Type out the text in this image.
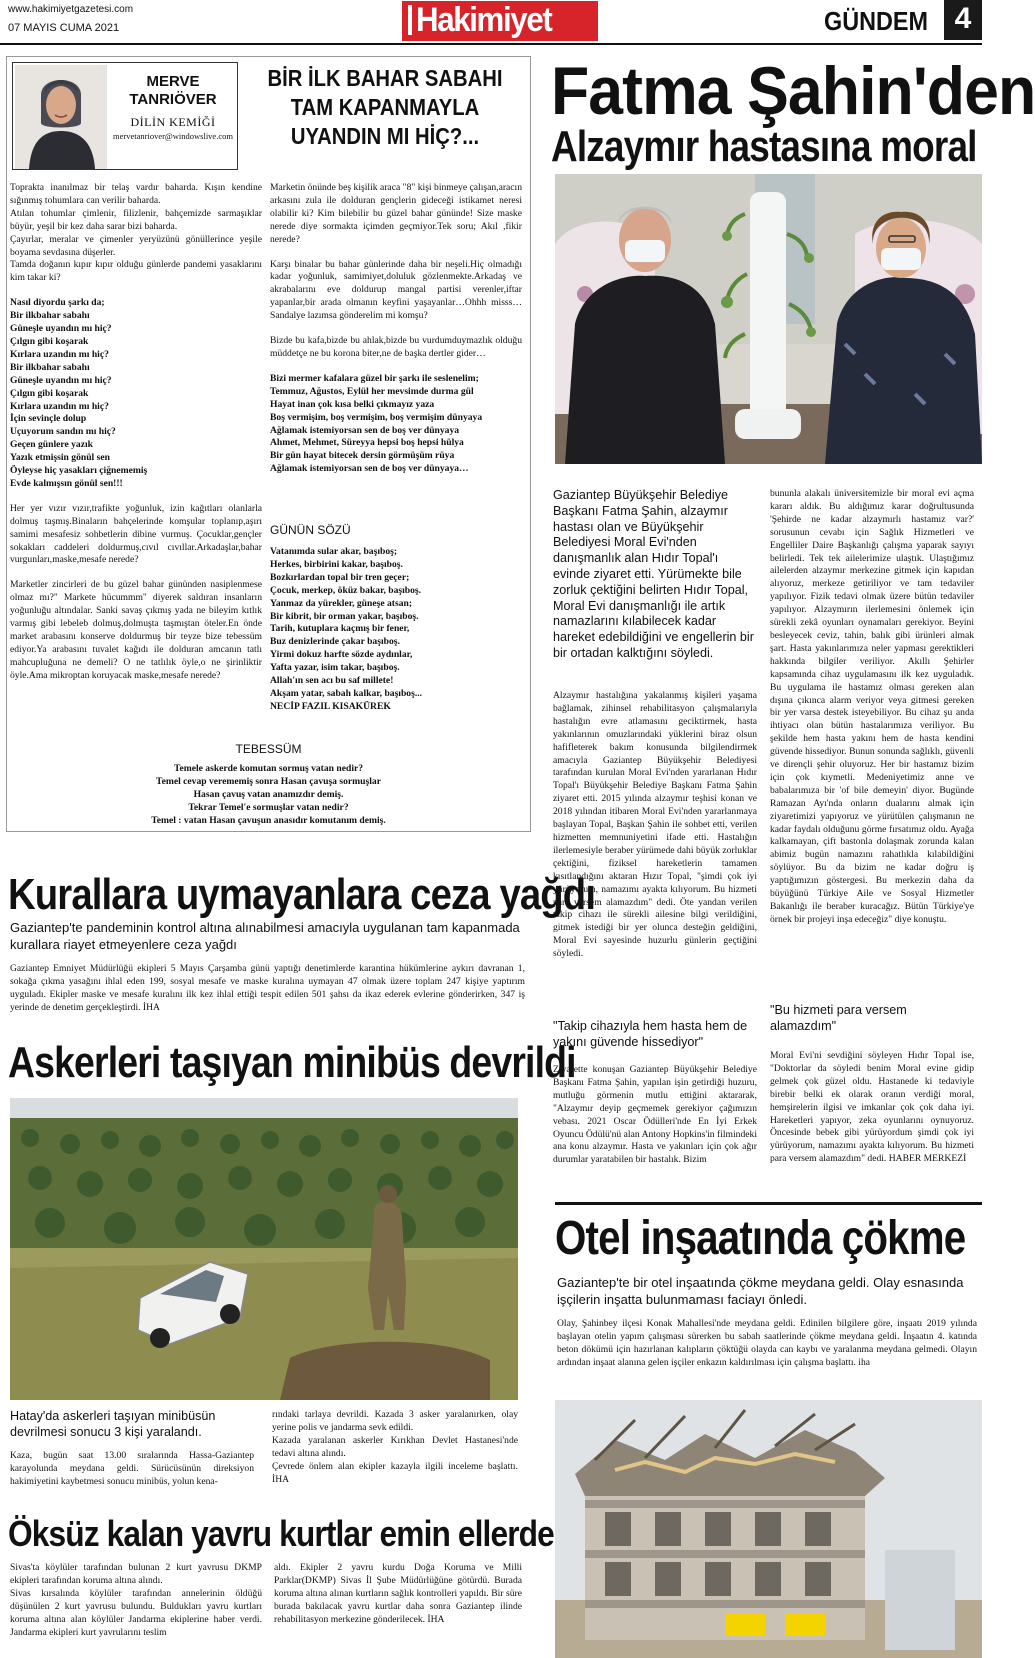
www.hakimiyetgazetesi.com
07 MAYIS CUMA 2021	Hakimiyet	GÜNDEM 4
MERVE
TANRIÖVER
DİLİN KEMİĞİ
mervetanriover@windowslive.com
BİR İLK BAHAR SABAHI
TAM KAPANMAYLA
UYANDIN MI HİÇ?...

Toprakta inanılmaz bir telaş vardır baharda. Kışın kendine sığınmış tohumlara can verilir baharda.
Atılan tohumlar çimlenir, filizlenir, bahçemizde sarmaşıklar büyür, yeşil bir kez daha sarar bizi baharda.
Çayırlar, meralar ve çimenler yeryüzünü gönüllerince yeşile boyama sevdasına düşerler.
Tamda doğanın kıpır kıpır olduğu günlerde pandemi yasaklarını kim takar ki?

Nasıl diyordu şarkı da;
Bir ilkbahar sabahı
Güneşle uyandın mı hiç?
Çılgın gibi koşarak
Kırlara uzandın mı hiç?
Bir ilkbahar sabahı
Güneşle uyandın mı hiç?
Çılgın gibi koşarak
Kırlara uzandın mı hiç?
İçin sevinçle dolup
Uçuyorum sandın mı hiç?
Geçen günlere yazık
Yazık etmişsin gönül sen
Öyleyse hiç yasakları çiğnememiş
Evde kalmışsın gönül sen!!!

Her yer vızır vızır,trafikte yoğunluk, izin kağıtları olanlarla dolmuş taşmış.Binaların bahçelerinde komşular toplanıp,aşırı samimi mesafesiz sohbetlerin dibine vurmuş. Çocuklar,gençler sokakları caddeleri doldurmuş,cıvıl cıvıllar.Arkadaşlar,bahar vurgunları,maske,mesafe nerede?

Marketler zincirleri de bu güzel bahar gününden nasiplenmese olmaz mı?" Markete hücummm" diyerek saldıran insanların yoğunluğu altındalar. Sanki savaş çıkmış yada ne bileyim kıtlık varmış gibi lebeleb dolmuş,dolmuşta taşmıştan öteler.En önde market arabasını konserve doldurmuş bir teyze bize tebessüm ediyor.Ya arabasını tuvalet kağıdı ile dolduran amcanın tatlı mahcupluğuna ne demeli? O ne tatlılık öyle,o ne şirinliktir öyle.Ama mikroptan koruyacak maske,mesafe nerede?

Marketin önünde beş kişilik araca "8" kişi binmeye çalışan,aracın arkasını zula ile dolduran gençlerin gideceği istikamet neresi olabilir ki? Kim bilebilir bu güzel bahar gününde! Size maske nerede diye sormakta içimden geçmiyor.Tek soru; Akıl ,fikir nerede?

Karşı binalar bu bahar günlerinde daha bir neşeli.Hiç olmadığı kadar yoğunluk, samimiyet,doluluk gözlenmekte.Arkadaş ve akrabalarını eve doldurup mangal partisi verenler,iftar yapanlar,bir arada olmanın keyfini yaşayanlar…Ohhh misss…Sandalye lazımsa gönderelim mi komşu?

Bizde bu kafa,bizde bu ahlak,bizde bu vurdumduymazlık olduğu müddetçe ne bu korona biter,ne de başka dertler gider…

Bizi mermer kafalara güzel bir şarkı ile seslenelim;
Temmuz, Ağustos, Eylül her mevsimde durma gül
Hayat inan çok kısa belki çıkmayız yaza
Boş vermişim, boş vermişim, boş vermişim dünyaya
Ağlamak istemiyorsan sen de boş ver dünyaya
Ahmet, Mehmet, Süreyya hepsi boş hepsi hülya
Bir gün hayat bitecek dersin görmüşüm rüya
Ağlamak istemiyorsan sen de boş ver dünyaya…

GÜNÜN SÖZÜ
Vatanımda sular akar, başıboş;
Herkes, birbirini kakar, başıboş.
Bozkırlardan topal bir tren geçer;
Çocuk, merkep, öküz bakar, başıboş.
Yanmaz da yürekler, güneşe atsan;
Bir kibrit, bir orman yakar, başıboş.
Tarih, kutuplara kaçmış bir fener,
Buz denizlerinde çakar başıboş.
Yirmi dokuz harfte sözde aydınlar,
Yafta yazar, isim takar, başıboş.
Allah'ın sen acı bu saf millete!
Akşam yatar, sabah kalkar, başıboş...
NECİP FAZIL KISAKÜREK
TEBESSÜM
Temele askerde komutan sormuş vatan nedir?
Temel cevap verememiş sonra Hasan çavuşa sormuşlar
Hasan çavuş vatan anamızdır demiş.
Tekrar Temel'e sormuşlar vatan nedir?
Temel : vatan Hasan çavuşun anasıdır komutanım demiş.
Fatma Şahin'den
Alzaymır hastasına moral
Gaziantep Büyükşehir Belediye Başkanı Fatma Şahin, alzaymır hastası olan ve Büyükşehir Belediyesi Moral Evi'nden danışmanlık alan Hıdır Topal'ı evinde ziyaret etti. Yürümekte bile zorluk çektiğini belirten Hıdır Topal, Moral Evi danışmanlığı ile artık namazlarını kılabilecek kadar hareket edebildiğini ve engellerin bir bir ortadan kalktığını söyledi.
Alzaymır hastalığına yakalanmış kişileri yaşama bağlamak, zihinsel rehabilitasyon çalışmalarıyla hastalığın evre atlamasını geciktirmek, hasta yakınlarının omuzlarındaki yüklerini biraz olsun hafifleterek bakım konusunda bilgilendirmek amacıyla Gaziantep Büyükşehir Belediyesi tarafından kurulan Moral Evi'nden yararlanan Hıdır Topal'ı Büyükşehir Belediye Başkanı Fatma Şahin ziyaret etti. 2015 yılında alzaymır teşhisi konan ve 2018 yılından itibaren Moral Evi'nden yararlanmaya başlayan Topal, Başkan Şahin ile sohbet etti, verilen hizmetten memnuniyetini ifade etti. Hastalığın ilerlemesiyle beraber yürümede dahi büyük zorluklar çektiğini, fiziksel hareketlerin tamamen kısıtlandığını aktaran Hızır Topal, "şimdi çok iyi yürüyorum, namazımı ayakta kılıyorum. Bu hizmeti para versem alamazdım" dedi. Öte yandan verilen takip cihazı ile sürekli ailesine bilgi verildiğini, gitmek istediği bir yer olunca desteğin geldiğini, Moral Evi sayesinde huzurlu günlerin geçtiğini söyledi.
"Takip cihazıyla hem hasta hem de yakını güvende hissediyor"
Ziyarette konuşan Gaziantep Büyükşehir Belediye Başkanı Fatma Şahin, yapılan işin getirdiği huzuru, mutluğu görmenin mutlu ettiğini aktararak, "Alzaymır deyip geçmemek gerekiyor çağımızın vebası. 2021 Oscar Ödülleri'nde En İyi Erkek Oyuncu Ödülü'nü alan Antony Hopkins'in filmindeki ana konu alzaymır. Hasta ve yakınları için çok ağır durumlar yaratabilen bir hastalık. Bizim
bununla alakalı üniversitemizle bir moral evi açma kararı aldık. Bu aldığımız karar doğrultusunda 'Şehirde ne kadar alzaymırlı hastamız var?' sorusunun cevabı için Sağlık Hizmetleri ve Engelliler Daire Başkanlığı çalışma yaparak sayıyı belirledi. Tek tek ailelerimize ulaştık. Ulaştığımız ailelerden alzaymır merkezine gitmek için kapıdan alıyoruz, merkeze getiriliyor ve tam tedaviler yapılıyor. Fizik tedavi olmak üzere bütün tedaviler yapılıyor. Alzaymırın ilerlemesini önlemek için sürekli zekâ oyunları oynamaları gerekiyor. Beyini besleyecek ceviz, tahin, balık gibi ürünleri almak şart. Hasta yakınlarımıza neler yapması gerektikleri hakkında bilgiler veriliyor. Akıllı Şehirler kapsamında cihaz uygulamasını ilk kez uyguladık. Bu uygulama ile hastamız olması gereken alan dışına çıkınca alarm veriyor veya gitmesi gereken bir yer varsa destek isteyebiliyor. Bu cihaz şu anda ihtiyacı olan bütün hastalarımıza veriliyor. Bu şekilde hem hasta yakını hem de hasta kendini güvende hissediyor. Bunun sonunda sağlıklı, güvenli ve dirençli şehir oluyoruz. Her bir hastamız bizim için çok kıymetli. Medeniyetimiz anne ve babalarımıza bir 'of bile demeyin' diyor. Bugünde Ramazan Ayı'nda onların dualarını almak için ziyaretimizi yapıyoruz ve yürütülen çalışmanın ne kadar faydalı olduğunu görme fırsatımız oldu. Ayağa kalkamayan, çift bastonla dolaşmak zorunda kalan abimiz bugün namazını rahatlıkla kılabildiğini söylüyor. Bu da bizim ne kadar doğru iş yaptığımızın göstergesi. Bu merkezin daha da büyüğünü Türkiye Aile ve Sosyal Hizmetler Bakanlığı ile beraber kuracağız. Bütün Türkiye'ye örnek bir projeyi inşa edeceğiz" diye konuştu.
"Bu hizmeti para versem alamazdım"
Moral Evi'ni sevdiğini söyleyen Hıdır Topal ise, "Doktorlar da söyledi benim Moral evine gidip gelmek çok güzel oldu. Hastanede ki tedaviyle birebir belki ek olarak oranın verdiği moral, hemşirelerin ilgisi ve imkanlar çok çok daha iyi. Hareketleri yapıyor, zeka oyunlarını oynuyoruz. Öncesinde bebek gibi yürüyordum şimdi çok iyi yürüyorum, namazımı ayakta kılıyorum. Bu hizmeti para versem alamazdım" dedi. HABER MERKEZİ
Kurallara uymayanlara ceza yağdı
Gaziantep'te pandeminin kontrol altına alınabilmesi amacıyla uygulanan tam kapanmada kurallara riayet etmeyenlere ceza yağdı
Gaziantep Emniyet Müdürlüğü ekipleri 5 Mayıs Çarşamba günü yaptığı denetimlerde karantina hükümlerine aykırı davranan 1, sokağa çıkma yasağını ihlal eden 199, sosyal mesafe ve maske kuralına uymayan 47 olmak üzere toplam 247 kişiye yaptırım uyguladı. Ekipler maske ve mesafe kuralını ilk kez ihlal ettiği tespit edilen 501 şahsı da ikaz ederek evlerine gönderirken, 347 iş yerinde de denetim gerçekleştirdi. İHA
Askerleri taşıyan minibüs devrildi
Hatay'da askerleri taşıyan minibüsün devrilmesi sonucu 3 kişi yaralandı.
Kaza, bugün saat 13.00 sıralarında Hassa-Gaziantep karayolunda meydana geldi. Sürücüsünün direksiyon hakimiyetini kaybetmesi sonucu minibüs, yolun kena-
rındaki tarlaya devrildi. Kazada 3 asker yaralanırken, olay yerine polis ve jandarma sevk edildi.
Kazada yaralanan askerler Kırıkhan Devlet Hastanesi'nde tedavi altına alındı.
Çevrede önlem alan ekipler kazayla ilgili inceleme başlattı. İHA
Öksüz kalan yavru kurtlar emin ellerde
Sivas'ta köylüler tarafından bulunan 2 kurt yavrusu DKMP ekipleri tarafından koruma altına alındı.
Sivas kırsalında köylüler tarafından annelerinin öldüğü düşünülen 2 kurt yavrusu bulundu. Buldukları yavru kurtları koruma altına alan köylüler Jandarma ekiplerine haber verdi. Jandarma ekipleri kurt yavrularını teslim
aldı. Ekipler 2 yavru kurdu Doğa Koruma ve Milli Parklar(DKMP) Sivas İl Şube Müdürlüğüne götürdü. Burada koruma altına alınan kurtların sağlık kontrolleri yapıldı. Bir süre burada bakılacak yavru kurtlar daha sonra Gaziantep ilinde rehabilitasyon merkezine gönderilecek. İHA
Otel inşaatında çökme
Gaziantep'te bir otel inşaatında çökme meydana geldi. Olay esnasında işçilerin inşatta bulunmaması faciayı önledi.
Olay, Şahinbey ilçesi Konak Mahallesi'nde meydana geldi. Edinilen bilgilere göre, inşaatı 2019 yılında başlayan otelin yapım çalışması sürerken bu sabah saatlerinde çökme meydana geldi. İnşaatın 4. katında beton dökümü için hazırlanan kalıpların çöktüğü olayda can kaybı ve yaralanma meydana gelmedi. Olayın ardından inşaat alanına gelen işçiler enkazın kaldırılması için çalışma başlattı. iha
